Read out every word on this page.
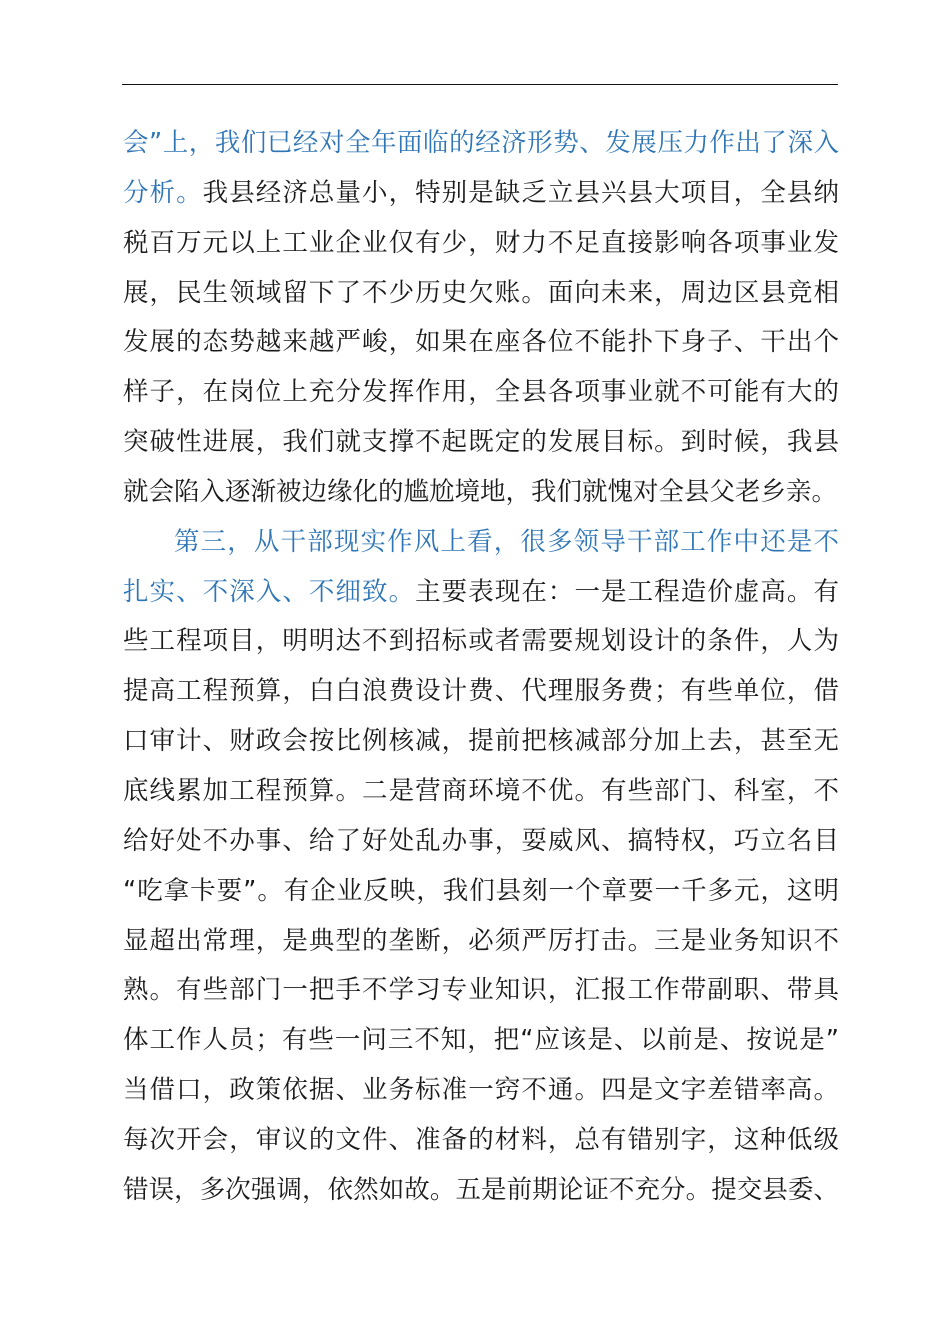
会”上，我们已经对全年面临的经济形势、发展压力作出了深入
分析。我县经济总量小，特别是缺乏立县兴县大项目，全县纳
税百万元以上工业企业仅有少，财力不足直接影响各项事业发
展，民生领域留下了不少历史欠账。面向未来，周边区县竞相
发展的态势越来越严峻，如果在座各位不能扑下身子、干出个
样子，在岗位上充分发挥作用，全县各项事业就不可能有大的
突破性进展，我们就支撑不起既定的发展目标。到时候，我县
就会陷入逐渐被边缘化的尴尬境地，我们就愧对全县父老乡亲。
第三，从干部现实作风上看，很多领导干部工作中还是不
扎实、不深入、不细致。主要表现在：一是工程造价虚高。有
些工程项目，明明达不到招标或者需要规划设计的条件，人为
提高工程预算，白白浪费设计费、代理服务费；有些单位，借
口审计、财政会按比例核减，提前把核减部分加上去，甚至无
底线累加工程预算。二是营商环境不优。有些部门、科室，不
给好处不办事、给了好处乱办事，耍威风、搞特权，巧立名目
“吃拿卡要”。有企业反映，我们县刻一个章要一千多元，这明
显超出常理，是典型的垄断，必须严厉打击。三是业务知识不
熟。有些部门一把手不学习专业知识，汇报工作带副职、带具
体工作人员；有些一问三不知，把“应该是、以前是、按说是”
当借口，政策依据、业务标准一窍不通。四是文字差错率高。
每次开会，审议的文件、准备的材料，总有错别字，这种低级
错误，多次强调，依然如故。五是前期论证不充分。提交县委、
